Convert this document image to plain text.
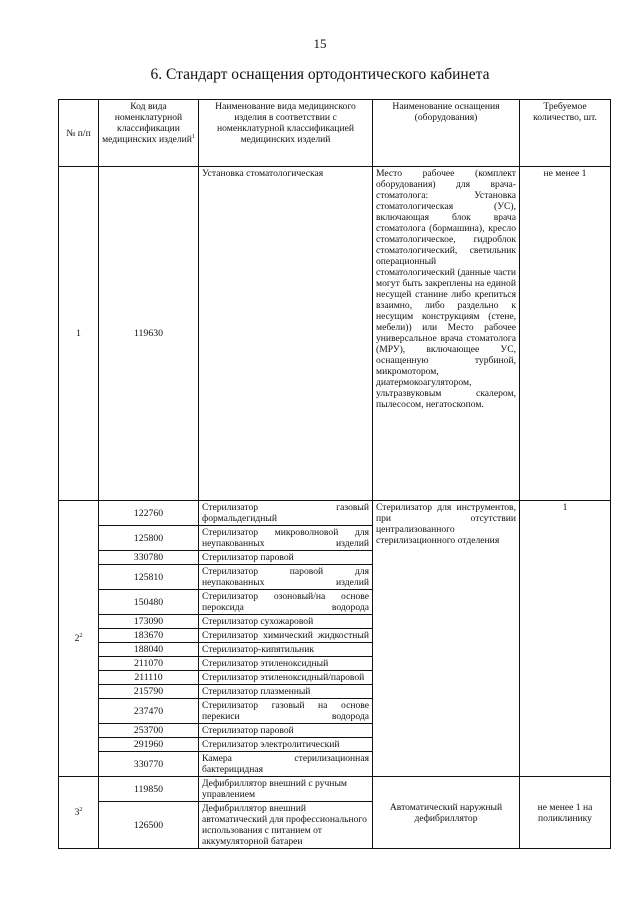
15
6. Стандарт оснащения ортодонтического кабинета
№ п/п	Код вида номенклатурной классификации медицинских изделий$^1$	Наименование вида медицинского изделия в соответствии с номенклатурной классификацией медицинских изделий	Наименование оснащения (оборудования)	Требуемое количество, шт.
1	119630	Установка стоматологическая	Место рабочее (комплект оборудования) для врача-стоматолога: Установка стоматологическая (УС), включающая блок врача стоматолога (бормашина), кресло стоматологическое, гидроблок стоматологический, светильник операционный стоматологический (данные части могут быть закреплены на единой несущей станине либо крепиться взаимно, либо раздельно к несущим конструкциям (стене, мебели)) или Место рабочее универсальное врача стоматолога (МРУ), включающее УС, оснащенную турбиной, микромотором, диатермокоагулятором, ультразвуковым скалером, пылесосом, негатоскопом.	не менее 1
$2^2$	122760	Стерилизатор газовый формальдегидный	Стерилизатор для инструментов, при отсутствии централизованного стерилизационного отделения	1
	125800	Стерилизатор микроволновой для неупакованных изделий		
	330780	Стерилизатор паровой		
	125810	Стерилизатор паровой для неупакованных изделий		
	150480	Стерилизатор озоновый/на основе пероксида водорода		
	173090	Стерилизатор сухожаровой		
	183670	Стерилизатор химический жидкостный		
	188040	Стерилизатор-кипятильник		
	211070	Стерилизатор этиленоксидный		
	211110	Стерилизатор этиленоксидный/паровой		
	215790	Стерилизатор плазменный		
	237470	Стерилизатор газовый на основе перекиси водорода		
	253700	Стерилизатор паровой		
	291960	Стерилизатор электролитический		
	330770	Камера стерилизационная бактерицидная		
$3^2$	119850	Дефибриллятор внешний с ручным управлением	Автоматический наружный дефибриллятор	не менее 1 на поликлинику
	126500	Дефибриллятор внешний автоматический для профессионального использования с питанием от аккумуляторной батареи		
